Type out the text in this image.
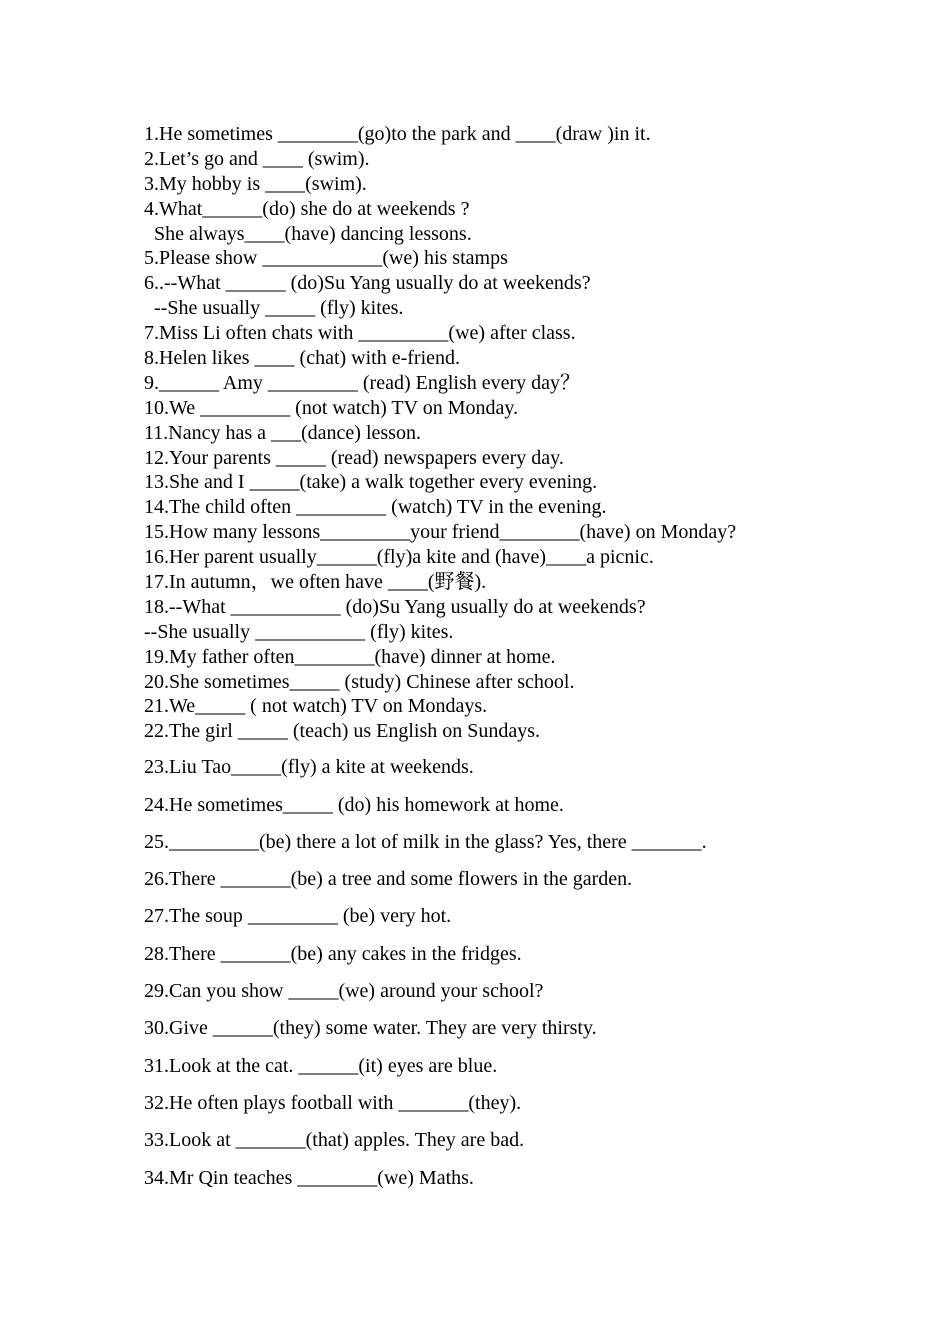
1.He sometimes ________(go)to the park and ____(draw )in it.
2.Let’s go and ____ (swim).
3.My hobby is ____(swim).
4.What______(do) she do at weekends ?
She always____(have) dancing lessons.
5.Please show ____________(we) his stamps
6..--What ______ (do)Su Yang usually do at weekends?
--She usually _____ (fly) kites.
7.Miss Li often chats with _________(we) after class.
8.Helen likes ____ (chat) with e-friend.
9.______ Amy _________ (read) English every day？
10.We _________ (not watch) TV on Monday.
11.Nancy has a ___(dance) lesson.
12.Your parents _____ (read) newspapers every day.
13.She and I _____(take) a walk together every evening.
14.The child often _________ (watch) TV in the evening.
15.How many lessons_________your friend________(have) on Monday?
16.Her parent usually______(fly)a kite and (have)____a picnic.
17.In autumn，we often have ____(野餐).
18.--What ___________ (do)Su Yang usually do at weekends?
--She usually ___________ (fly) kites.
19.My father often________(have) dinner at home.
20.She sometimes_____ (study) Chinese after school.
21.We_____ ( not watch) TV on Mondays.
22.The girl _____ (teach) us English on Sundays.
23.Liu Tao_____(fly) a kite at weekends.
24.He sometimes_____ (do) his homework at home.
25._________(be) there a lot of milk in the glass? Yes, there _______.
26.There _______(be) a tree and some flowers in the garden.
27.The soup _________ (be) very hot.
28.There _______(be) any cakes in the fridges.
29.Can you show _____(we) around your school?
30.Give ______(they) some water. They are very thirsty.
31.Look at the cat. ______(it) eyes are blue.
32.He often plays football with _______(they).
33.Look at _______(that) apples. They are bad.
34.Mr Qin teaches ________(we) Maths.
